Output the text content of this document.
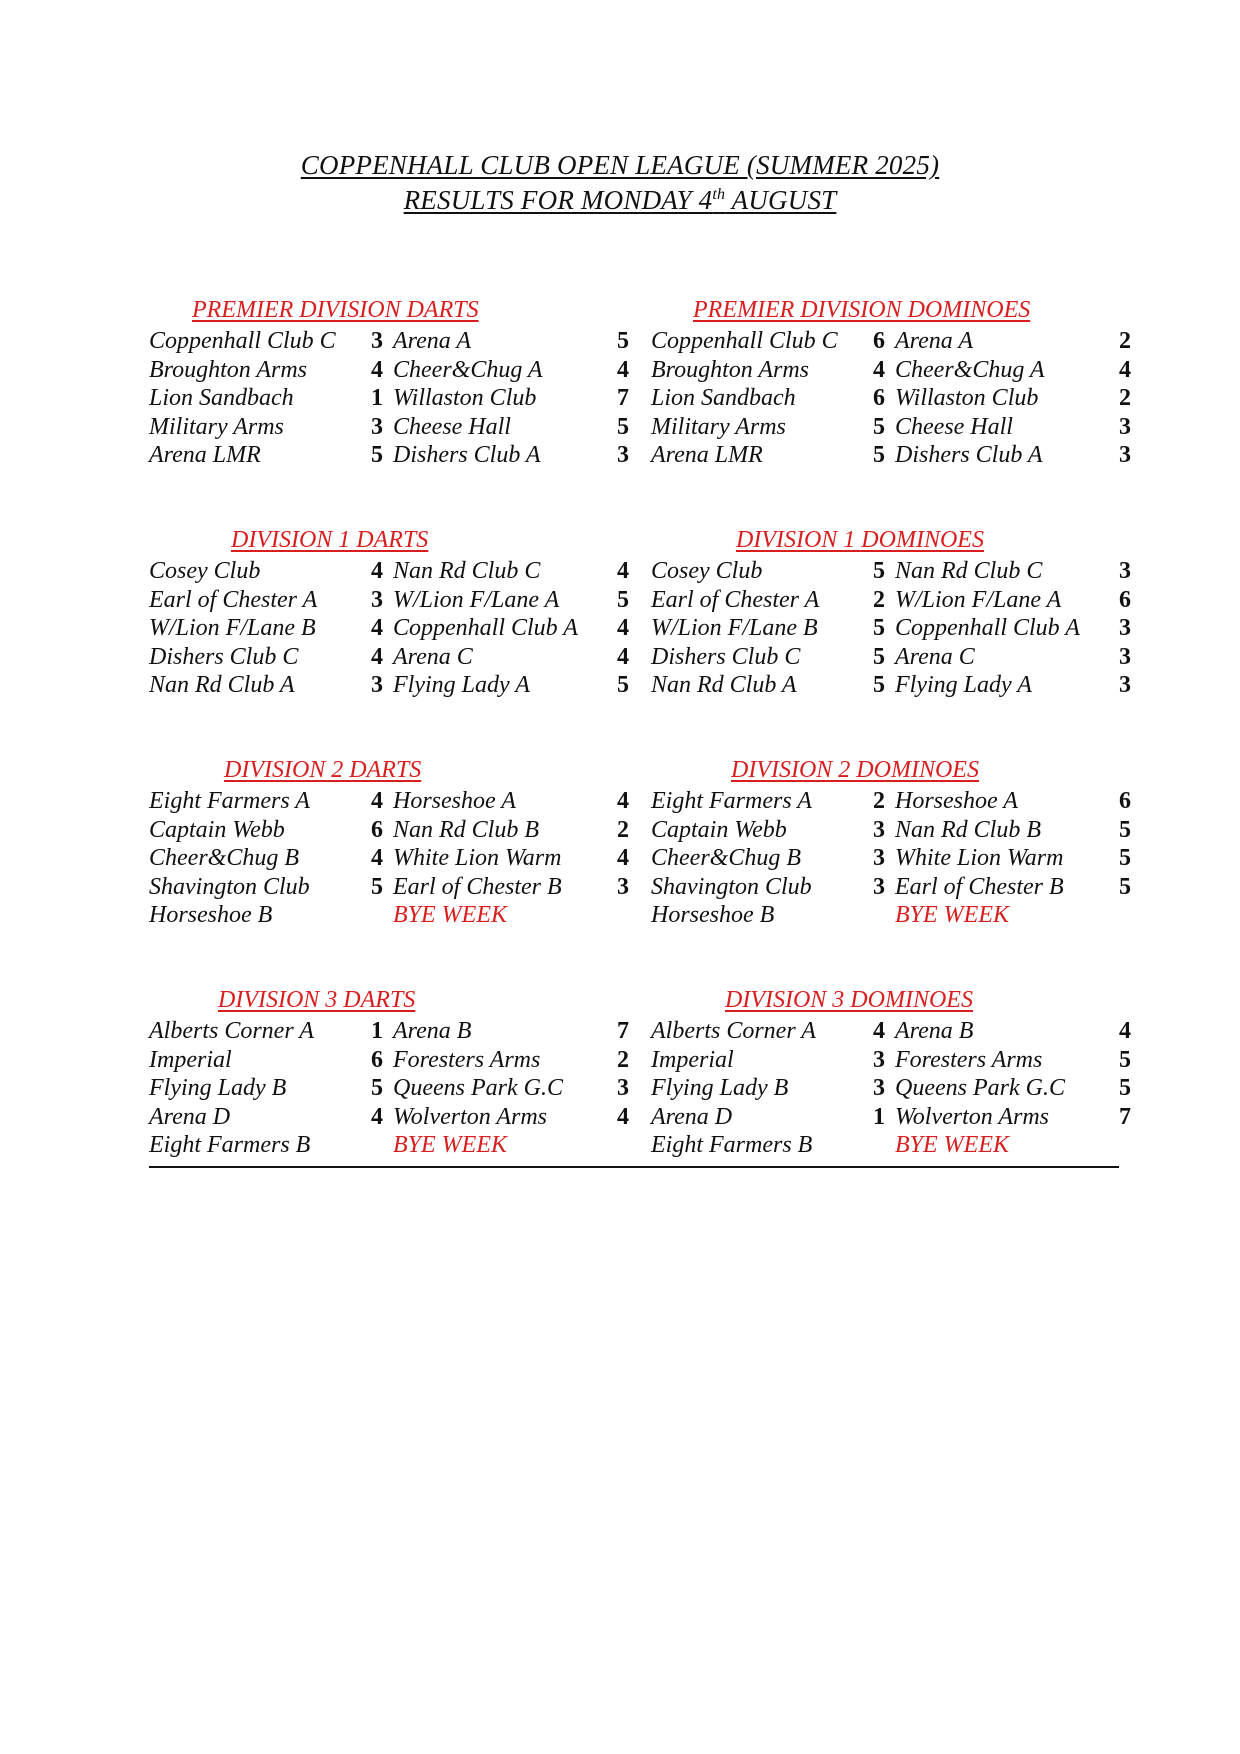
COPPENHALL CLUB OPEN LEAGUE (SUMMER 2025)
RESULTS FOR MONDAY 4th AUGUST
PREMIER DIVISION DARTS
Coppenhall Club C 3 Arena A	5
Broughton Arms	4 Cheer&Chug A	4
Lion Sandbach	1 Willaston Club	7
Military Arms	3 Cheese Hall	5
Arena LMR	5 Dishers Club A	3
PREMIER DIVISION DOMINOES
Coppenhall Club C 6 Arena A	2
Broughton Arms	4 Cheer&Chug A	4
Lion Sandbach	6 Willaston Club	2
Military Arms	5 Cheese Hall	3
Arena LMR	5 Dishers Club A	3
DIVISION 1 DARTS
Cosey Club	4 Nan Rd Club C	4
Earl of Chester A 3 W/Lion F/Lane A 5
W/Lion F/Lane B 4 Coppenhall Club A 4
Dishers Club C	4 Arena C	4
Nan Rd Club A	3 Flying Lady A	5
DIVISION 1 DOMINOES
Cosey Club	5 Nan Rd Club C	3
Earl of Chester A 2 W/Lion F/Lane A 6
W/Lion F/Lane B 5 Coppenhall Club A 3
Dishers Club C	5 Arena C	3
Nan Rd Club A	5 Flying Lady A	3
DIVISION 2 DARTS
Eight Farmers A	4 Horseshoe A	4
Captain Webb	6 Nan Rd Club B	2
Cheer&Chug B	4 White Lion Warm 4
Shavington Club	5 Earl of Chester B 3
Horseshoe B	BYE WEEK
DIVISION 2 DOMINOES
Eight Farmers A	2 Horseshoe A	6
Captain Webb	3 Nan Rd Club B	5
Cheer&Chug B	3 White Lion Warm 5
Shavington Club	3 Earl of Chester B 5
Horseshoe B	BYE WEEK
DIVISION 3 DARTS
Alberts Corner A 1 Arena B	7
Imperial	6 Foresters Arms	2
Flying Lady B	5 Queens Park G.C 3
Arena D	4 Wolverton Arms	4
Eight Farmers B	BYE WEEK
DIVISION 3 DOMINOES
Alberts Corner A 4 Arena B	4
Imperial	3 Foresters Arms	5
Flying Lady B	3 Queens Park G.C 5
Arena D	1 Wolverton Arms	7
Eight Farmers B	BYE WEEK
